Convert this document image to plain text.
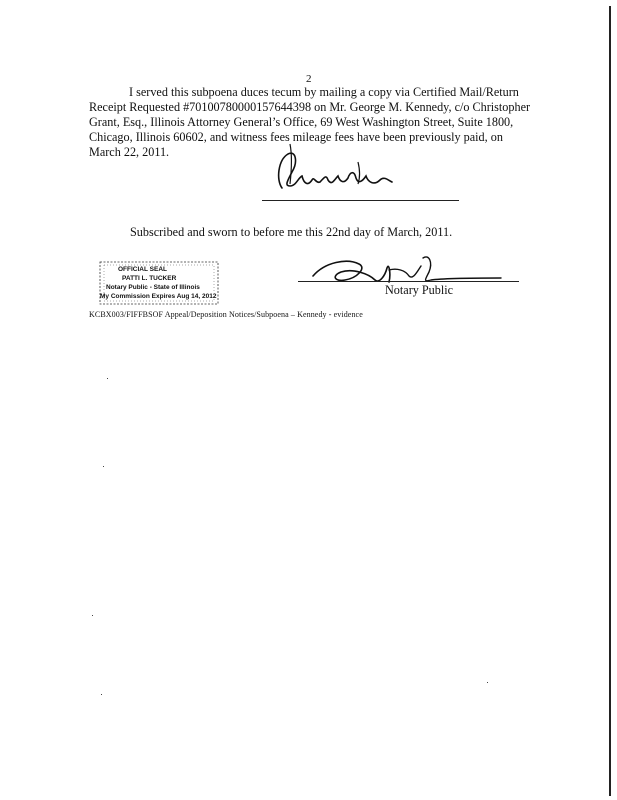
2
I served this subpoena duces tecum by mailing a copy via Certified Mail/Return
Receipt Requested #70100780000157644398 on Mr. George M. Kennedy, c/o Christopher
Grant, Esq., Illinois Attorney General’s Office, 69 West Washington Street, Suite 1800,
Chicago, Illinois 60602, and witness fees mileage fees have been previously paid, on
March 22, 2011.
Subscribed and sworn to before me this 22nd day of March, 2011.
OFFICIAL SEAL
PATTI L. TUCKER
Notary Public - State of Illinois
My Commission Expires Aug 14, 2012	Notary Public
KCBX003/FIFFBSOF Appeal/Deposition Notices/Subpoena – Kennedy - evidence
